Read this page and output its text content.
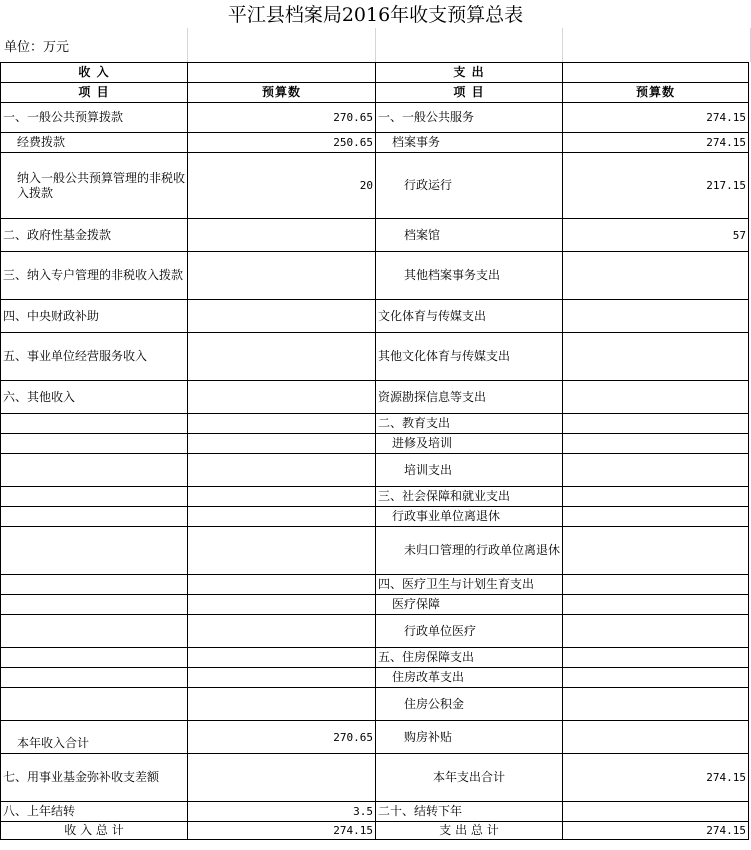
平江县档案局2016年收支预算总表
单位：万元
收 入		支 出	
项 目	预算数	项 目	预算数
一、一般公共预算拨款	270.65	一、一般公共服务	274.15
经费拨款	250.65	档案事务	274.15
纳入一般公共预算管理的非税收入拨款	20	行政运行	217.15
二、政府性基金拨款		档案馆	57
三、纳入专户管理的非税收入拨款		其他档案事务支出	
四、中央财政补助		文化体育与传媒支出	
五、事业单位经营服务收入		其他文化体育与传媒支出	
六、其他收入		资源勘探信息等支出	
		二、教育支出	
		进修及培训	
		培训支出	
		三、社会保障和就业支出	
		行政事业单位离退休	

		未归口管理的行政单位离退休	

		四、医疗卫生与计划生育支出	
		医疗保障	
		行政单位医疗	
		五、住房保障支出	
		住房改革支出	
		住房公积金	
本年收入合计	270.65	购房补贴	
七、用事业基金弥补收支差额		本年支出合计	274.15
八、上年结转	3.5	二十、结转下年	
收 入 总 计	274.15	支 出 总 计	274.15
